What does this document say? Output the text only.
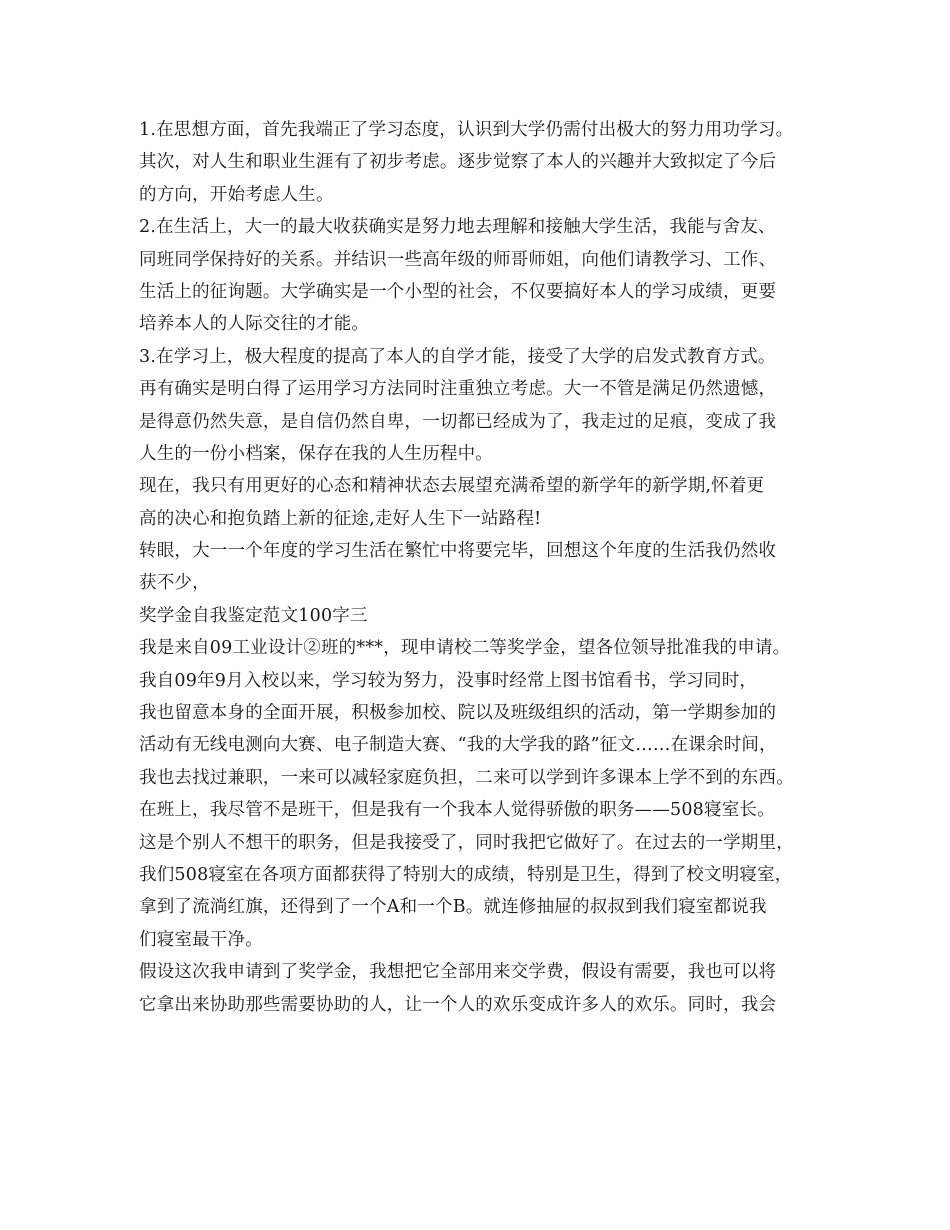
1.在思想方面，首先我端正了学习态度，认识到大学仍需付出极大的努力用功学习。
其次，对人生和职业生涯有了初步考虑。逐步觉察了本人的兴趣并大致拟定了今后
的方向，开始考虑人生。
2.在生活上，大一的最大收获确实是努力地去理解和接触大学生活，我能与舍友、
同班同学保持好的关系。并结识一些高年级的师哥师姐，向他们请教学习、工作、
生活上的征询题。大学确实是一个小型的社会，不仅要搞好本人的学习成绩，更要
培养本人的人际交往的才能。
3.在学习上，极大程度的提高了本人的自学才能，接受了大学的启发式教育方式。
再有确实是明白得了运用学习方法同时注重独立考虑。大一不管是满足仍然遗憾，
是得意仍然失意，是自信仍然自卑，一切都已经成为了，我走过的足痕，变成了我
人生的一份小档案，保存在我的人生历程中。
现在，我只有用更好的心态和精神状态去展望充满希望的新学年的新学期,怀着更
高的决心和抱负踏上新的征途,走好人生下一站路程!
转眼，大一一个年度的学习生活在繁忙中将要完毕，回想这个年度的生活我仍然收
获不少，
奖学金自我鉴定范文100字三
我是来自09工业设计②班的***，现申请校二等奖学金，望各位领导批准我的申请。
我自09年9月入校以来，学习较为努力，没事时经常上图书馆看书，学习同时，
我也留意本身的全面开展，积极参加校、院以及班级组织的活动，第一学期参加的
活动有无线电测向大赛、电子制造大赛、“我的大学我的路”征文……在课余时间，
我也去找过兼职，一来可以减轻家庭负担，二来可以学到许多课本上学不到的东西。
在班上，我尽管不是班干，但是我有一个我本人觉得骄傲的职务——508寝室长。
这是个别人不想干的职务，但是我接受了，同时我把它做好了。在过去的一学期里，
我们508寝室在各项方面都获得了特别大的成绩，特别是卫生，得到了校文明寝室，
拿到了流淌红旗，还得到了一个A和一个B。就连修抽屉的叔叔到我们寝室都说我
们寝室最干净。
假设这次我申请到了奖学金，我想把它全部用来交学费，假设有需要，我也可以将
它拿出来协助那些需要协助的人，让一个人的欢乐变成许多人的欢乐。同时，我会
